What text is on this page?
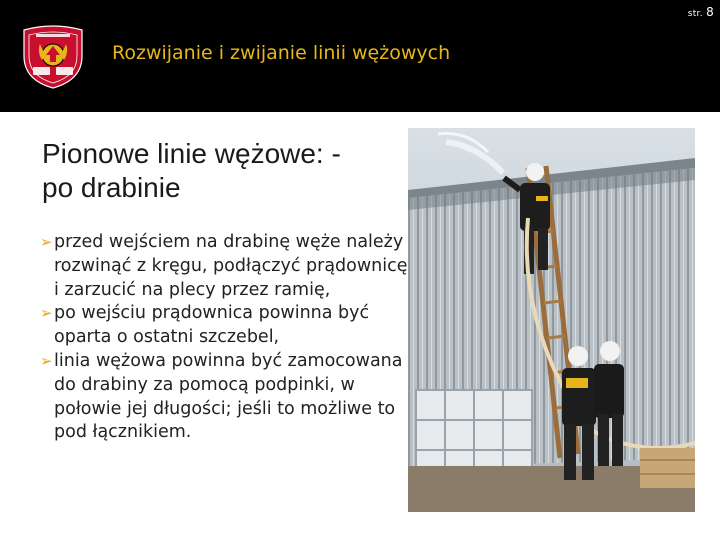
str. 8
Rozwijanie i zwijanie linii wężowych
Pionowe linie wężowe: -
po drabinie
➢przed wejściem na drabinę węże należy rozwinąć z kręgu, podłączyć prądownicę i zarzucić na plecy przez ramię,
➢po wejściu prądownica powinna być oparta o ostatni szczebel,
➢linia wężowa powinna być zamocowana do drabiny za pomocą podpinki, w połowie jej długości; jeśli to możliwe to pod łącznikiem.
